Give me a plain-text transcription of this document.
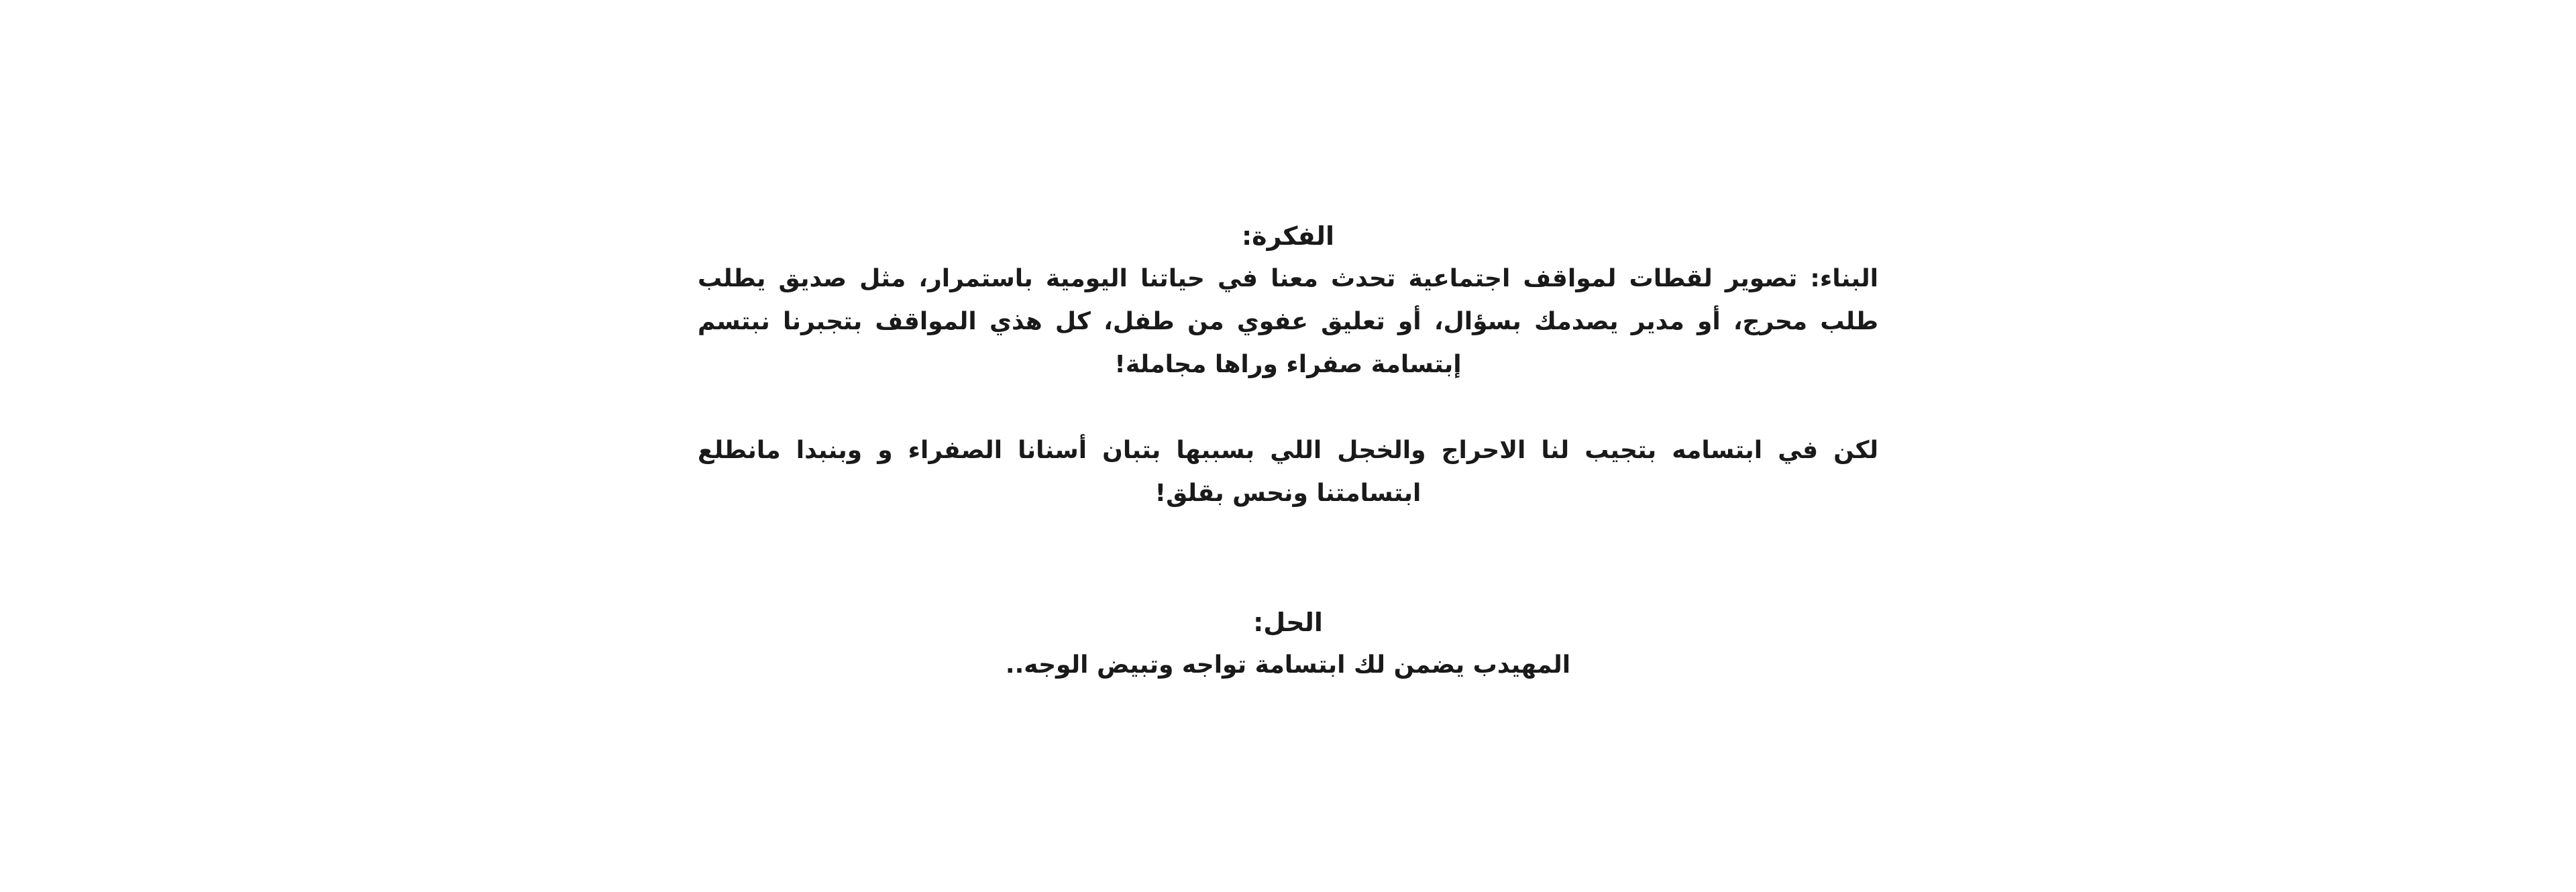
الفكرة:

البناء: تصوير لقطات لمواقف اجتماعية تحدث معنا في حياتنا اليومية باستمرار، مثل صديق يطلب طلب محرج، أو مدير يصدمك بسؤال، أو تعليق عفوي من طفل، كل هذي المواقف بتجبرنا نبتسم إبتسامة صفراء وراها مجاملة!

لكن في ابتسامه بتجيب لنا الاحراج والخجل اللي بسببها بتبان أسنانا الصفراء و وبنبدا مانطلع ابتسامتنا ونحس بقلق!

الحل:

المهيدب يضمن لك ابتسامة تواجه وتبيض الوجه..
